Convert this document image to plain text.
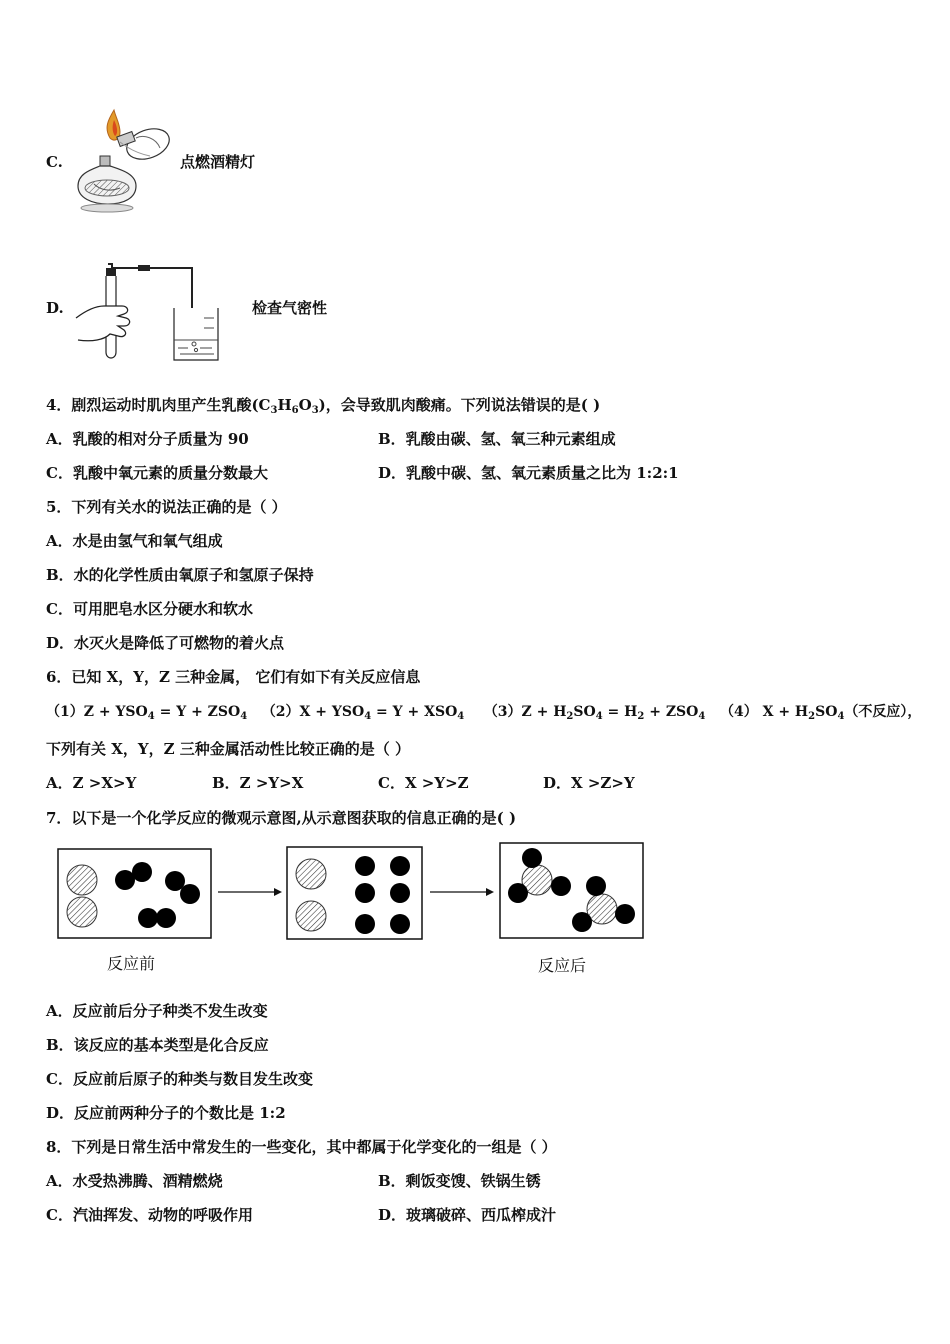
C.	点燃酒精灯
D.	检查气密性
4．剧烈运动时肌肉里产生乳酸$(C_3H_6O_3)$，会导致肌肉酸痛。下列说法错误的是( )
A．乳酸的相对分子质量为 90	B．乳酸由碳、氢、氧三种元素组成
C．乳酸中氧元素的质量分数最大	D．乳酸中碳、氢、氧元素质量之比为 1:2:1
5．下列有关水的说法正确的是（ ）
A．水是由氢气和氧气组成
B．水的化学性质由氧原子和氢原子保持
C．可用肥皂水区分硬水和软水
D．水灭火是降低了可燃物的着火点
6．已知 X，Y，Z 三种金属， 它们有如下有关反应信息
$(1)Z + YSO_4 = Y + ZSO_4$ $(2)X + YSO_4 = Y + XSO_4$ $(3)Z + H_2SO_4 = H_2 + ZSO_4$ （4） $X + H_2SO_4$（不反应），
下列有关 X，Y，Z 三种金属活动性比较正确的是（ ）
A．Z >X>Y	B．Z >Y>X	C．X >Y>Z	D．X >Z>Y
7．以下是一个化学反应的微观示意图,从示意图获取的信息正确的是( )
反应前	反应后
A．反应前后分子种类不发生改变
B．该反应的基本类型是化合反应
C．反应前后原子的种类与数目发生改变
D．反应前两种分子的个数比是 1:2
8．下列是日常生活中常发生的一些变化，其中都属于化学变化的一组是（ ）
A．水受热沸腾、酒精燃烧	B．剩饭变馊、铁锅生锈
C．汽油挥发、动物的呼吸作用	D．玻璃破碎、西瓜榨成汁
